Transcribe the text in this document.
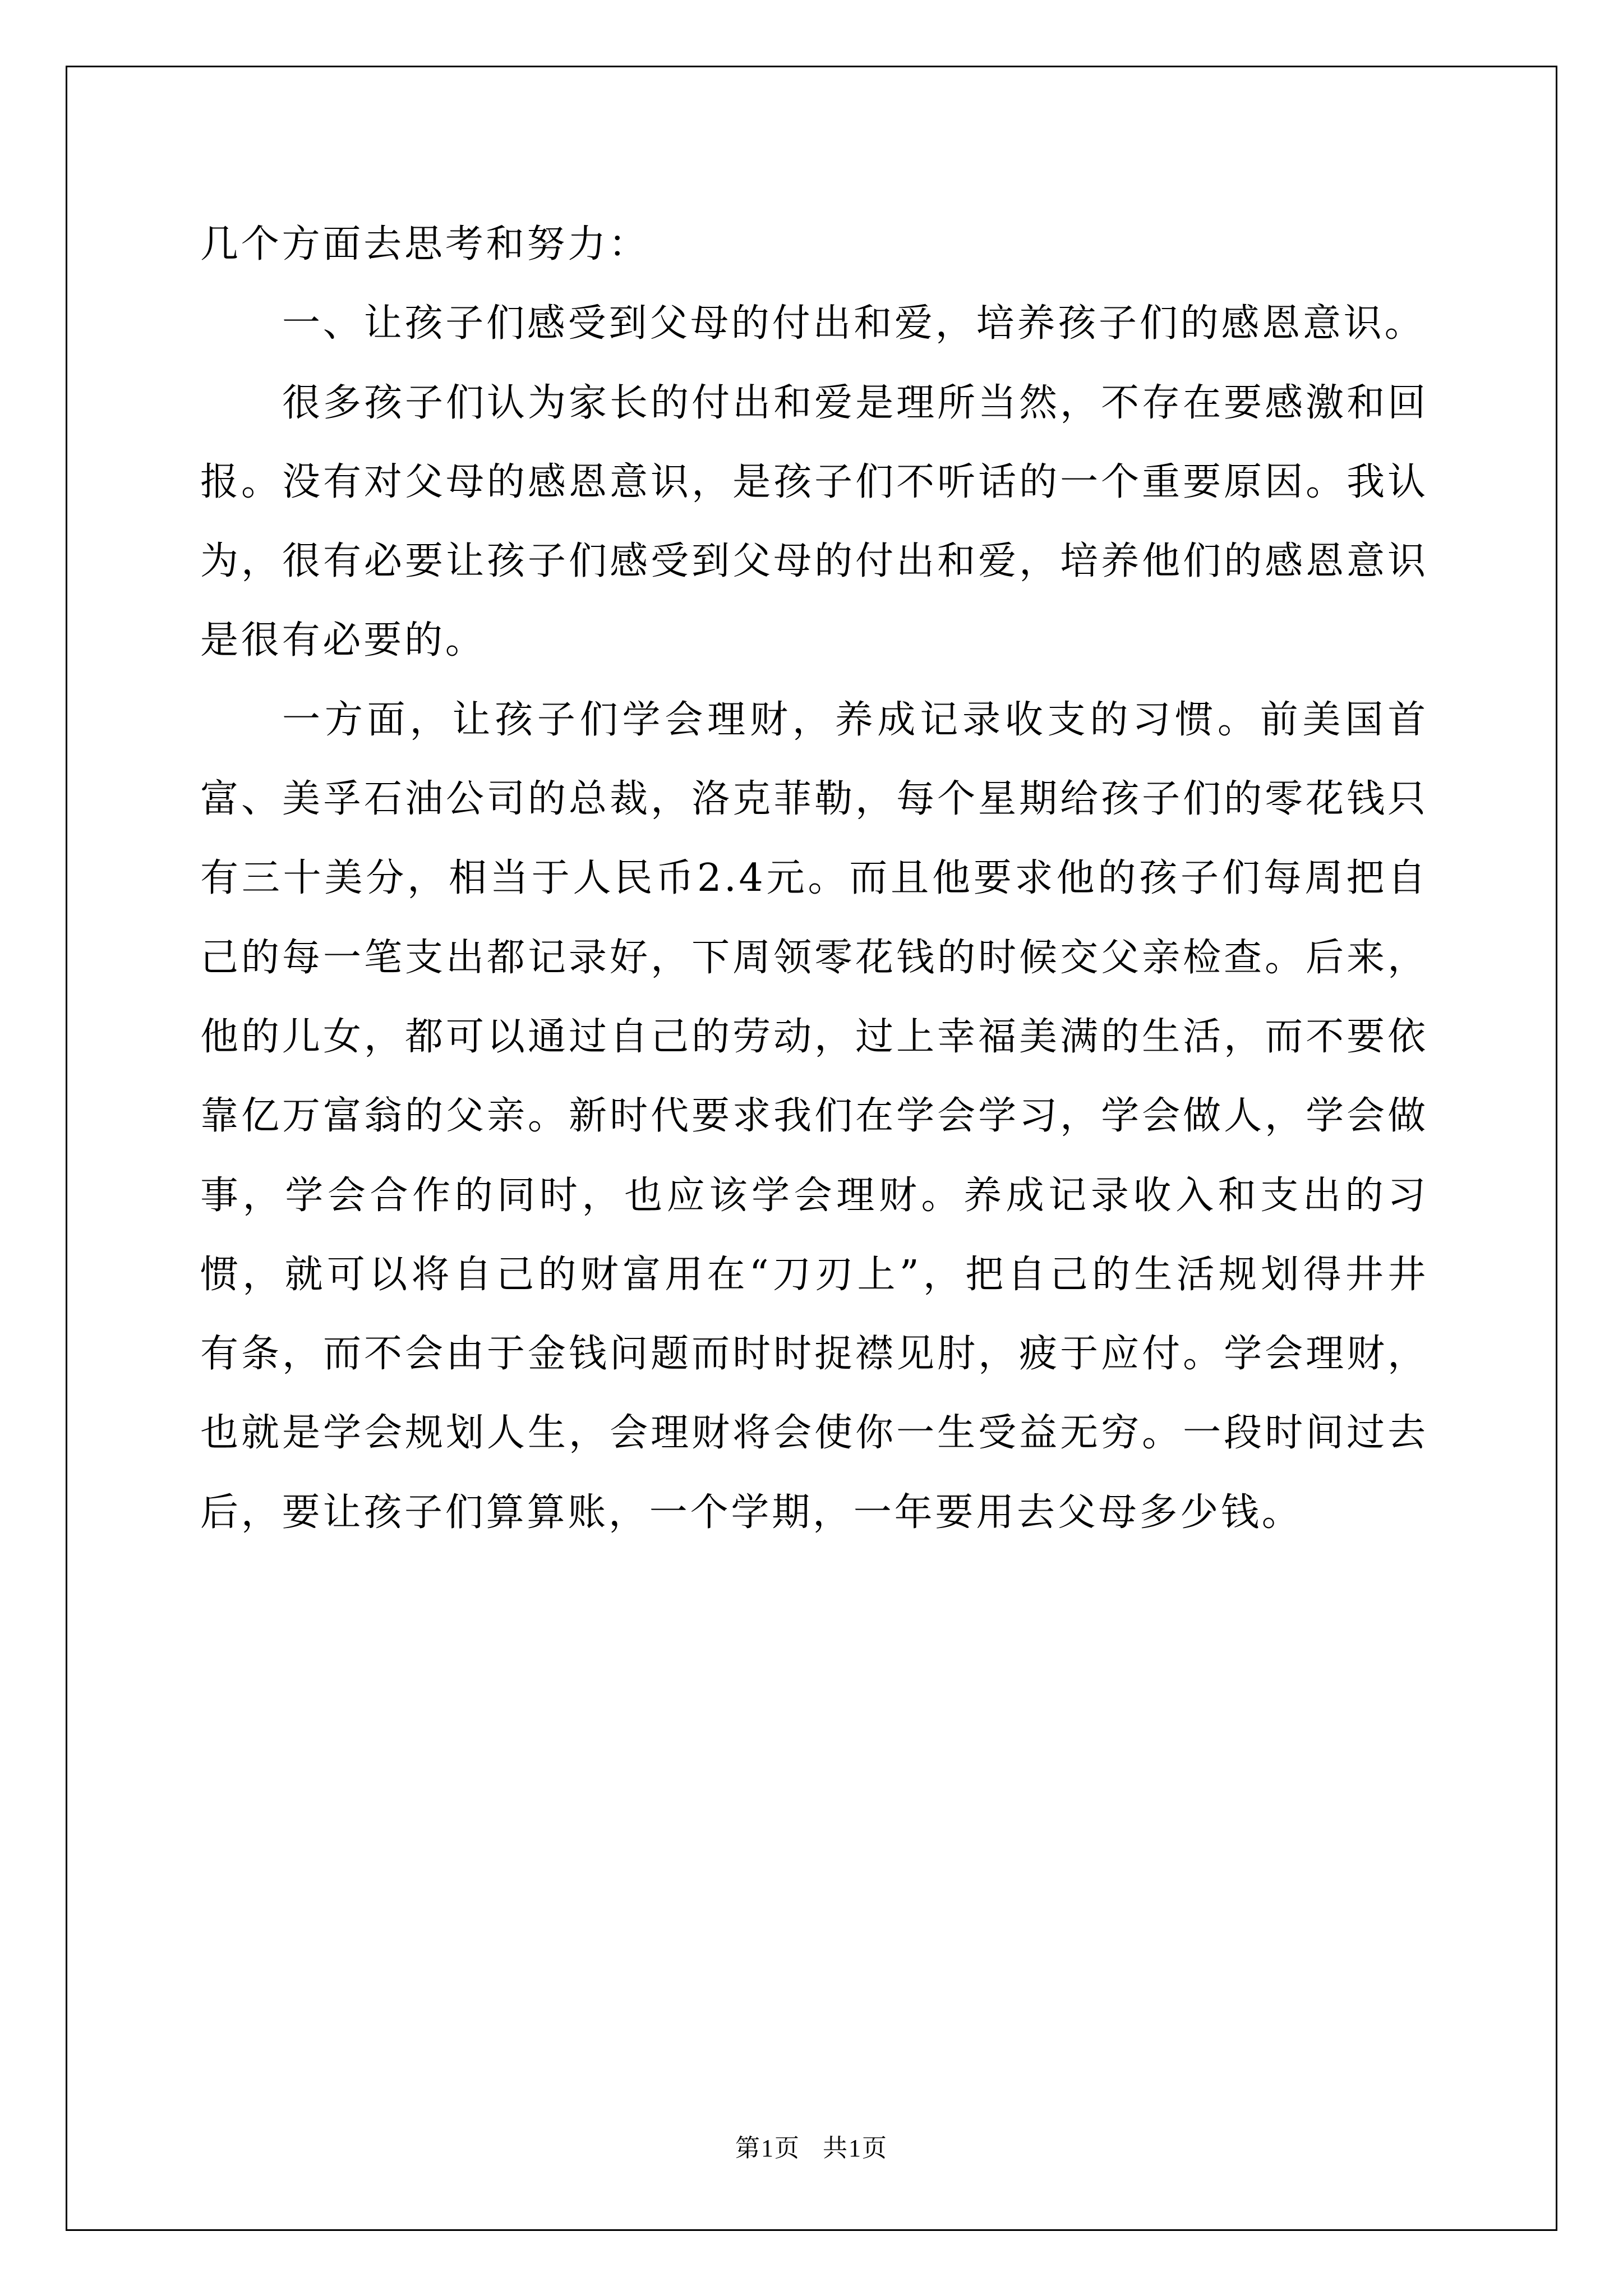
几个方面去思考和努力：

一、让孩子们感受到父母的付出和爱，培养孩子们的感恩意识。

很多孩子们认为家长的付出和爱是理所当然，不存在要感激和回报。没有对父母的感恩意识，是孩子们不听话的一个重要原因。我认为，很有必要让孩子们感受到父母的付出和爱，培养他们的感恩意识是很有必要的。

一方面，让孩子们学会理财，养成记录收支的习惯。前美国首富、美孚石油公司的总裁，洛克菲勒，每个星期给孩子们的零花钱只有三十美分，相当于人民币2.4元。而且他要求他的孩子们每周把自己的每一笔支出都记录好，下周领零花钱的时候交父亲检查。后来，他的儿女，都可以通过自己的劳动，过上幸福美满的生活，而不要依靠亿万富翁的父亲。新时代要求我们在学会学习，学会做人，学会做事，学会合作的同时，也应该学会理财。养成记录收入和支出的习惯，就可以将自己的财富用在“刀刃上”，把自己的生活规划得井井有条，而不会由于金钱问题而时时捉襟见肘，疲于应付。学会理财，也就是学会规划人生，会理财将会使你一生受益无穷。一段时间过去后，要让孩子们算算账，一个学期，一年要用去父母多少钱。

第1页 共1页
